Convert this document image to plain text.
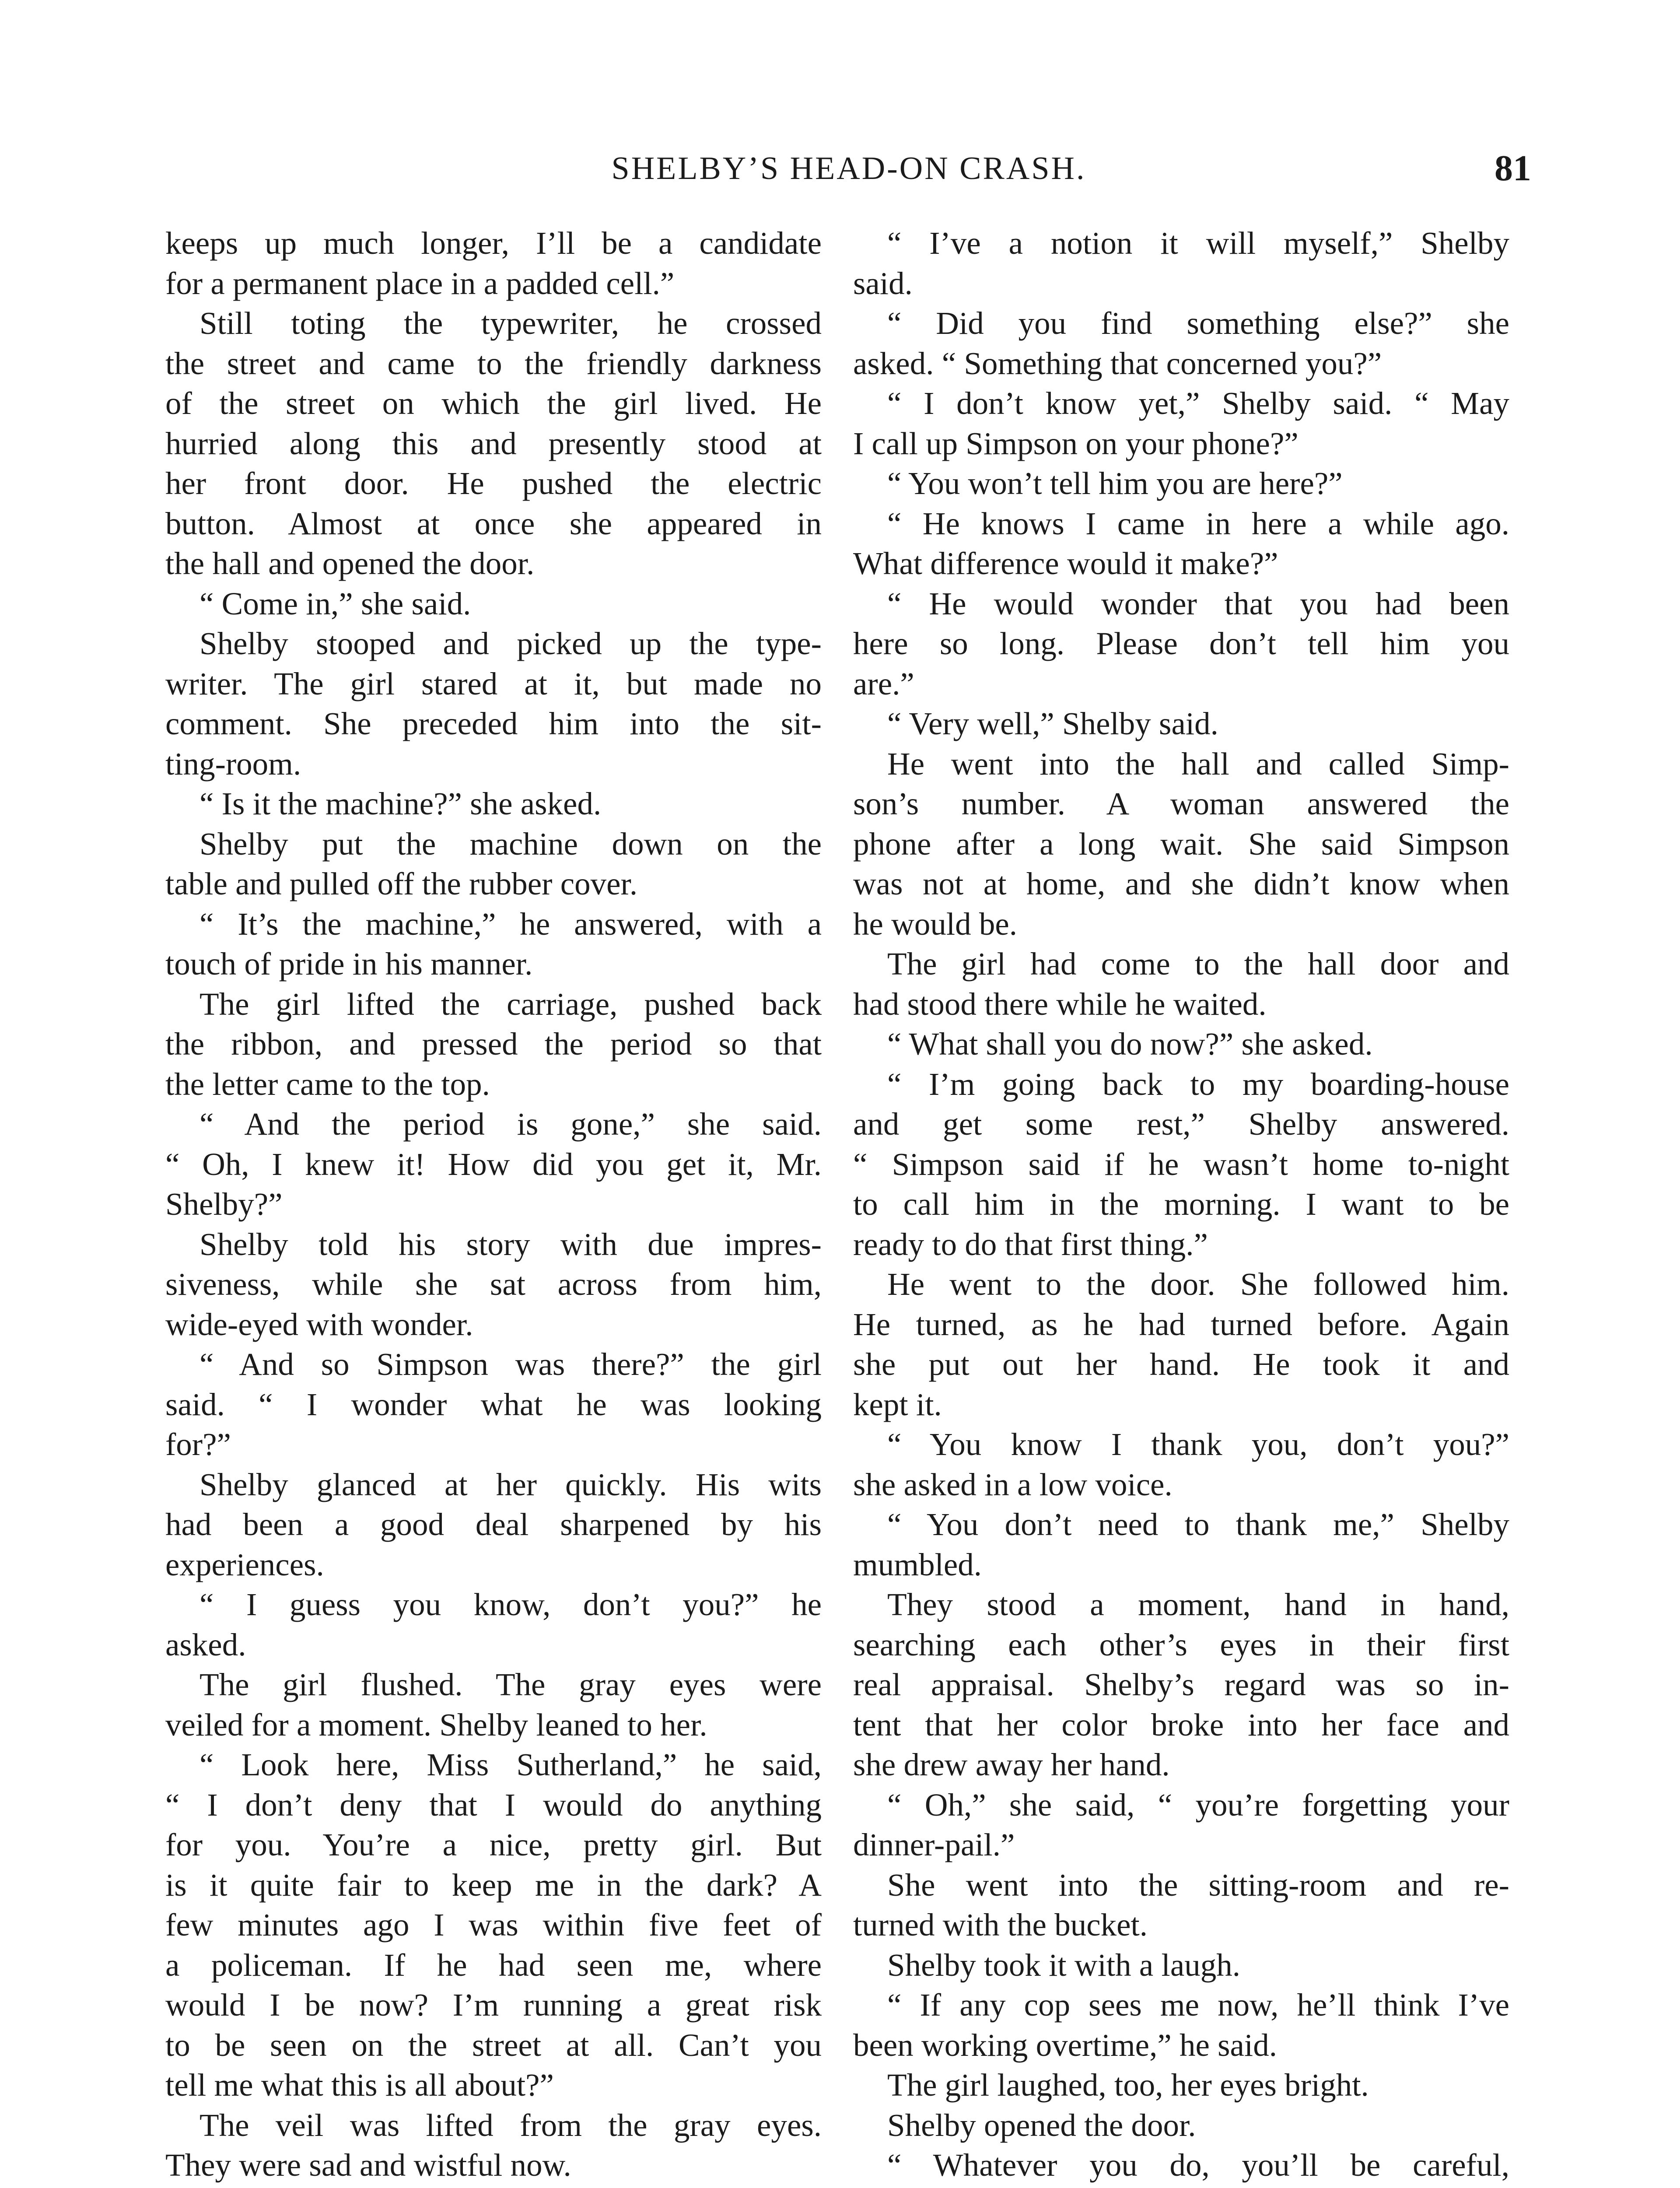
SHELBY’S HEAD-ON CRASH.	81
keeps up much longer, I’ll be a candidate
for a permanent place in a padded cell.”
Still toting the typewriter, he crossed
the street and came to the friendly darkness
of the street on which the girl lived. He
hurried along this and presently stood at
her front door. He pushed the electric
button. Almost at once she appeared in
the hall and opened the door.
“ Come in,” she said.
Shelby stooped and picked up the type-
writer. The girl stared at it, but made no
comment. She preceded him into the sit-
ting-room.
“ Is it the machine?” she asked.
Shelby put the machine down on the
table and pulled off the rubber cover.
“ It’s the machine,” he answered, with a
touch of pride in his manner.
The girl lifted the carriage, pushed back
the ribbon, and pressed the period so that
the letter came to the top.
“ And the period is gone,” she said.
“ Oh, I knew it! How did you get it, Mr.
Shelby?”
Shelby told his story with due impres-
siveness, while she sat across from him,
wide-eyed with wonder.
“ And so Simpson was there?” the girl
said. “ I wonder what he was looking
for?”
Shelby glanced at her quickly. His wits
had been a good deal sharpened by his
experiences.
“ I guess you know, don’t you?” he
asked.
The girl flushed. The gray eyes were
veiled for a moment. Shelby leaned to her.
“ Look here, Miss Sutherland,” he said,
“ I don’t deny that I would do anything
for you. You’re a nice, pretty girl. But
is it quite fair to keep me in the dark? A
few minutes ago I was within five feet of
a policeman. If he had seen me, where
would I be now? I’m running a great risk
to be seen on the street at all. Can’t you
tell me what this is all about?”
The veil was lifted from the gray eyes.
They were sad and wistful now.
“ I’ve a notion it will myself,” Shelby
said.
“ Did you find something else?” she
asked. “ Something that concerned you?”
“ I don’t know yet,” Shelby said. “ May
I call up Simpson on your phone?”
“ You won’t tell him you are here?”
“ He knows I came in here a while ago.
What difference would it make?”
“ He would wonder that you had been
here so long. Please don’t tell him you
are.”
“ Very well,” Shelby said.
He went into the hall and called Simp-
son’s number. A woman answered the
phone after a long wait. She said Simpson
was not at home, and she didn’t know when
he would be.
The girl had come to the hall door and
had stood there while he waited.
“ What shall you do now?” she asked.
“ I’m going back to my boarding-house
and get some rest,” Shelby answered.
“ Simpson said if he wasn’t home to-night
to call him in the morning. I want to be
ready to do that first thing.”
He went to the door. She followed him.
He turned, as he had turned before. Again
she put out her hand. He took it and
kept it.
“ You know I thank you, don’t you?”
she asked in a low voice.
“ You don’t need to thank me,” Shelby
mumbled.
They stood a moment, hand in hand,
searching each other’s eyes in their first
real appraisal. Shelby’s regard was so in-
tent that her color broke into her face and
she drew away her hand.
“ Oh,” she said, “ you’re forgetting your
dinner-pail.”
She went into the sitting-room and re-
turned with the bucket.
Shelby took it with a laugh.
“ If any cop sees me now, he’ll think I’ve
been working overtime,” he said.
The girl laughed, too, her eyes bright.
Shelby opened the door.
“ Whatever you do, you’ll be careful,
